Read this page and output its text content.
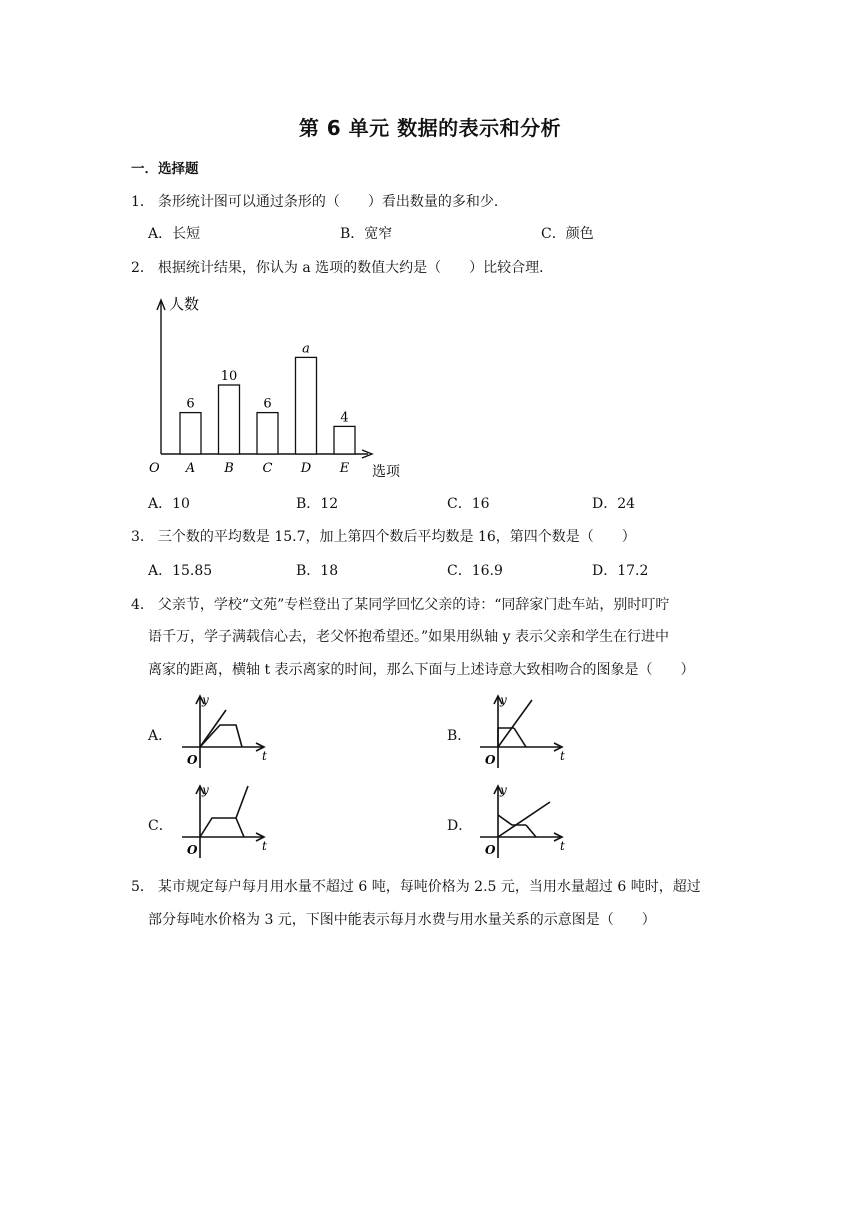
第 6 单元 数据的表示和分析
一．选择题
1． 条形统计图可以通过条形的（　　）看出数量的多和少．
A．长短	B．宽窄	C．颜色
2． 根据统计结果，你认为 a 选项的数值大约是（　　）比较合理．
人数
选项
O
6
A
10
B
6
C
a
D
4
E
A．10	B．12	C．16	D．24
3． 三个数的平均数是 15.7，加上第四个数后平均数是 16，第四个数是（　　）
A．15.85	B．18	C．16.9	D．17.2
4． 父亲节，学校“文苑”专栏登出了某同学回忆父亲的诗：“同辞家门赴车站，别时叮咛
语千万，学子满载信心去，老父怀抱希望还。”如果用纵轴 y 表示父亲和学生在行进中
离家的距离，横轴 t 表示离家的时间，那么下面与上述诗意大致相吻合的图象是（　　）
A．	B．
C．	D．
y
t
O
y
t
O
y
t
O
y
t
O
5． 某市规定每户每月用水量不超过 6 吨，每吨价格为 2.5 元，当用水量超过 6 吨时，超过
部分每吨水价格为 3 元，下图中能表示每月水费与用水量关系的示意图是（　　）
